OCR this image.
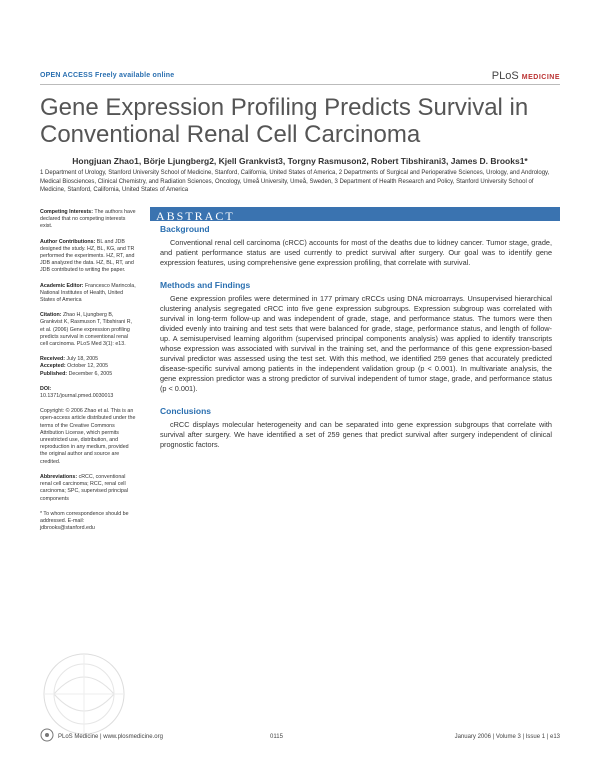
OPEN ACCESS Freely available online	PLoS MEDICINE
Gene Expression Profiling Predicts Survival in Conventional Renal Cell Carcinoma
Hongjuan Zhao1, Börje Ljungberg2, Kjell Grankvist3, Torgny Rasmuson2, Robert Tibshirani3, James D. Brooks1*
1 Department of Urology, Stanford University School of Medicine, Stanford, California, United States of America, 2 Departments of Surgical and Perioperative Sciences, Urology, and Andrology, Medical Biosciences, Clinical Chemistry, and Radiation Sciences, Oncology, Umeå University, Umeå, Sweden, 3 Department of Health Research and Policy, Stanford University School of Medicine, Stanford, California, United States of America

Competing Interests: The authors have declared that no competing interests exist.

Author Contributions: BL and JDB designed the study. HZ, BL, KG, and TR performed the experiments. HZ, RT, and JDB analyzed the data. HZ, BL, RT, and JDB contributed to writing the paper.

Academic Editor: Francesco Marincola, National Institutes of Health, United States of America

Citation: Zhao H, Ljungberg B, Grankvist K, Rasmuson T, Tibshirani R, et al. (2006) Gene expression profiling predicts survival in conventional renal cell carcinoma. PLoS Med 3(1): e13.

Received: July 18, 2005
Accepted: October 12, 2005
Published: December 6, 2005

DOI:
10.1371/journal.pmed.0030013

Copyright: © 2006 Zhao et al. This is an open-access article distributed under the terms of the Creative Commons Attribution License, which permits unrestricted use, distribution, and reproduction in any medium, provided the original author and source are credited.

Abbreviations: cRCC, conventional renal cell carcinoma; RCC, renal cell carcinoma; SPC, supervised principal components

* To whom correspondence should be addressed. E-mail: jdbrooks@stanford.edu

ABSTRACT
Background

Conventional renal cell carcinoma (cRCC) accounts for most of the deaths due to kidney cancer. Tumor stage, grade, and patient performance status are used currently to predict survival after surgery. Our goal was to identify gene expression features, using comprehensive gene expression profiling, that correlate with survival.

Methods and Findings

Gene expression profiles were determined in 177 primary cRCCs using DNA microarrays. Unsupervised hierarchical clustering analysis segregated cRCC into five gene expression subgroups. Expression subgroup was correlated with survival in long-term follow-up and was independent of grade, stage, and performance status. The tumors were then divided evenly into training and test sets that were balanced for grade, stage, performance status, and length of follow-up. A semisupervised learning algorithm (supervised principal components analysis) was applied to identify transcripts whose expression was associated with survival in the training set, and the performance of this gene expression-based survival predictor was assessed using the test set. With this method, we identified 259 genes that accurately predicted disease-specific survival among patients in the independent validation group (p < 0.001). In multivariate analysis, the gene expression predictor was a strong predictor of survival independent of tumor stage, grade, and performance status (p < 0.001).

Conclusions

cRCC displays molecular heterogeneity and can be separated into gene expression subgroups that correlate with survival after surgery. We have identified a set of 259 genes that predict survival after surgery independent of clinical prognostic factors.

PLoS Medicine | www.plosmedicine.org	0115	January 2006 | Volume 3 | Issue 1 | e13
